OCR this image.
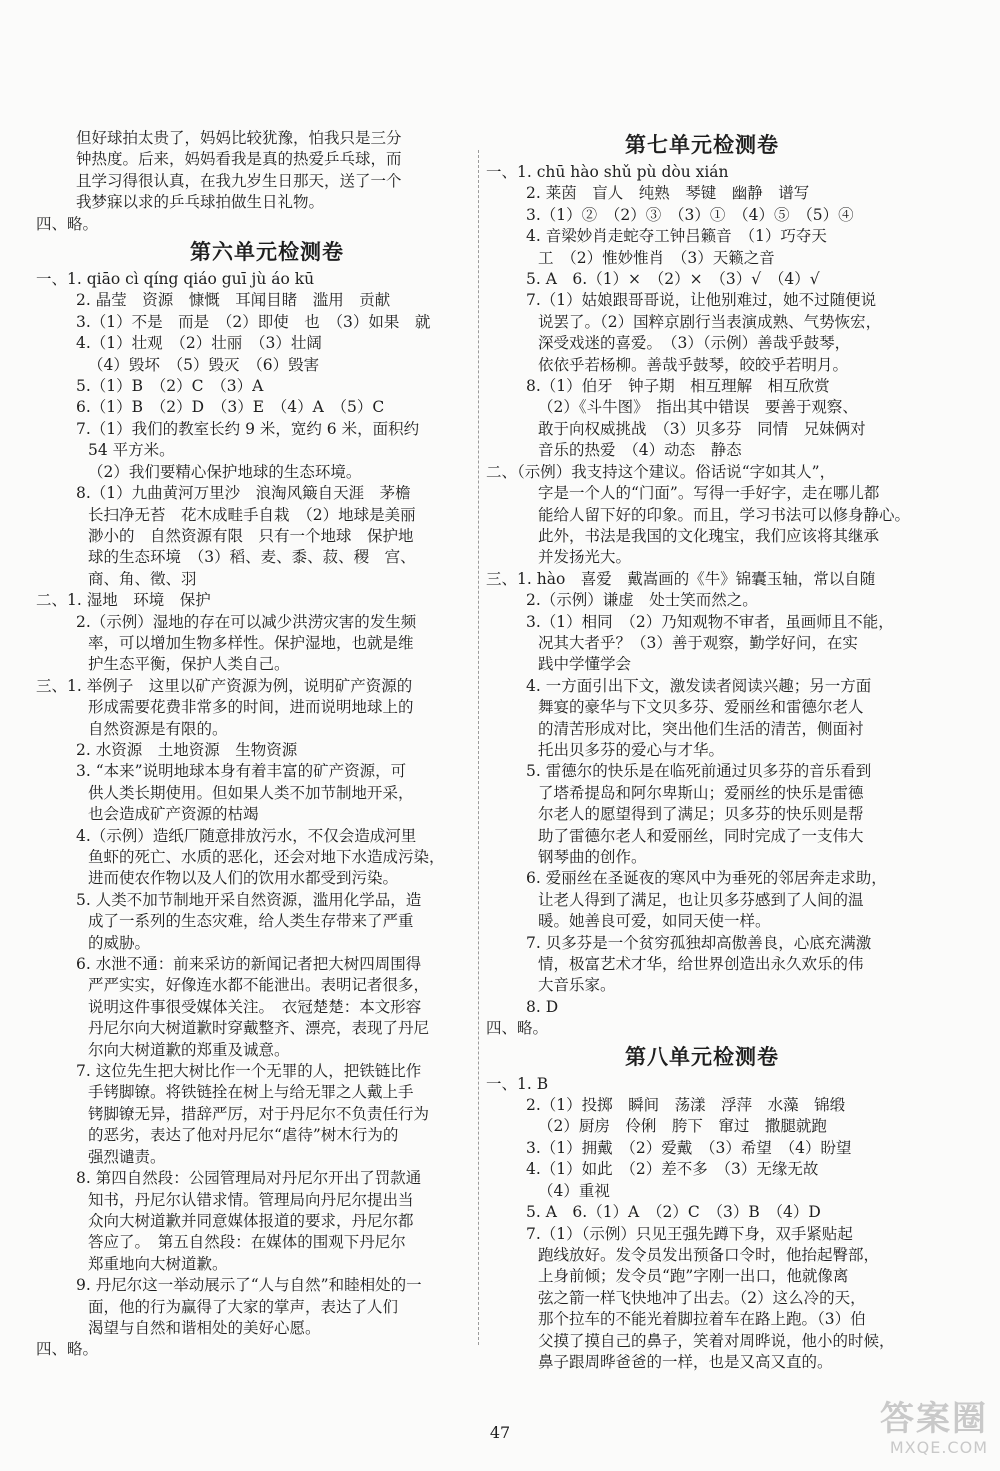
但好球拍太贵了，妈妈比较犹豫，怕我只是三分
钟热度。后来，妈妈看我是真的热爱乒乓球，而
且学习得很认真，在我九岁生日那天，送了一个
我梦寐以求的乒乓球拍做生日礼物。
四、略。
第六单元检测卷
一、1. qiāo cì qíng qiáo guī jù áo kū
2. 晶莹　资源　慷慨　耳闻目睹　滥用　贡献
3.（1）不是　而是　（2）即使　也　（3）如果　就
4.（1）壮观　（2）壮丽　（3）壮阔
（4）毁坏　（5）毁灭　（6）毁害
5.（1）B　（2）C　（3）A
6.（1）B　（2）D　（3）E　（4）A　（5）C
7.（1）我们的教室长约 9 米，宽约 6 米，面积约
54 平方米。
（2）我们要精心保护地球的生态环境。
8.（1）九曲黄河万里沙　浪淘风簸自天涯　茅檐
长扫净无苔　花木成畦手自栽　（2）地球是美丽
渺小的　自然资源有限　只有一个地球　保护地
球的生态环境　（3）稻、麦、黍、菽、稷　宫、
商、角、徵、羽
二、1. 湿地　环境　保护
2.（示例）湿地的存在可以减少洪涝灾害的发生频
率，可以增加生物多样性。保护湿地，也就是维
护生态平衡，保护人类自己。
三、1. 举例子　这里以矿产资源为例，说明矿产资源的
形成需要花费非常多的时间，进而说明地球上的
自然资源是有限的。
2. 水资源　土地资源　生物资源
3. “本来”说明地球本身有着丰富的矿产资源，可
供人类长期使用。但如果人类不加节制地开采，
也会造成矿产资源的枯竭
4.（示例）造纸厂随意排放污水，不仅会造成河里
鱼虾的死亡、水质的恶化，还会对地下水造成污染，
进而使农作物以及人们的饮用水都受到污染。
5. 人类不加节制地开采自然资源，滥用化学品，造
成了一系列的生态灾难，给人类生存带来了严重
的威胁。
6. 水泄不通：前来采访的新闻记者把大树四周围得
严严实实，好像连水都不能泄出。表明记者很多，
说明这件事很受媒体关注。　衣冠楚楚：本文形容
丹尼尔向大树道歉时穿戴整齐、漂亮，表现了丹尼
尔向大树道歉的郑重及诚意。
7. 这位先生把大树比作一个无罪的人，把铁链比作
手铐脚镣。将铁链拴在树上与给无罪之人戴上手
铐脚镣无异，措辞严厉，对于丹尼尔不负责任行为
的恶劣，表达了他对丹尼尔“虐待”树木行为的
强烈谴责。
8. 第四自然段：公园管理局对丹尼尔开出了罚款通
知书，丹尼尔认错求情。管理局向丹尼尔提出当
众向大树道歉并同意媒体报道的要求，丹尼尔都
答应了。　第五自然段：在媒体的围观下丹尼尔
郑重地向大树道歉。
9. 丹尼尔这一举动展示了“人与自然”和睦相处的一
面，他的行为赢得了大家的掌声，表达了人们
渴望与自然和谐相处的美好心愿。
四、略。
第七单元检测卷
一、1. chū hào shǔ pù dòu xián
2. 莱茵　盲人　纯熟　琴键　幽静　谱写
3.（1）②　（2）③　（3）①　（4）⑤　（5）④
4. 音梁妙肖走蛇夺工钟吕籁音　（1）巧夺天
工　（2）惟妙惟肖　（3）天籁之音
5. A　6.（1）×　（2）×　（3）√　（4）√
7.（1）姑娘跟哥哥说，让他别难过，她不过随便说
说罢了。（2）国粹京剧行当表演成熟、气势恢宏，
深受戏迷的喜爱。　（3）（示例）善哉乎鼓琴，
依依乎若杨柳。善哉乎鼓琴，皎皎乎若明月。
8.（1）伯牙　钟子期　相互理解　相互欣赏
（2）《斗牛图》　指出其中错误　要善于观察、
敢于向权威挑战　（3）贝多芬　同情　兄妹俩对
音乐的热爱　（4）动态　静态
二、（示例）我支持这个建议。俗话说“字如其人”，
字是一个人的“门面”。写得一手好字，走在哪儿都
能给人留下好的印象。而且，学习书法可以修身静心。
此外，书法是我国的文化瑰宝，我们应该将其继承
并发扬光大。
三、1. hào　喜爱　戴嵩画的《牛》锦囊玉轴，常以自随
2.（示例）谦虚　处士笑而然之。
3.（1）相同　（2）乃知观物不审者，虽画师且不能，
况其大者乎？（3）善于观察，勤学好问，在实
践中学懂学会
4. 一方面引出下文，激发读者阅读兴趣；另一方面
舞宴的豪华与下文贝多芬、爱丽丝和雷德尔老人
的清苦形成对比，突出他们生活的清苦，侧面衬
托出贝多芬的爱心与才华。
5. 雷德尔的快乐是在临死前通过贝多芬的音乐看到
了塔希提岛和阿尔卑斯山；爱丽丝的快乐是雷德
尔老人的愿望得到了满足；贝多芬的快乐则是帮
助了雷德尔老人和爱丽丝，同时完成了一支伟大
钢琴曲的创作。
6. 爱丽丝在圣诞夜的寒风中为垂死的邻居奔走求助，
让老人得到了满足，也让贝多芬感到了人间的温
暖。她善良可爱，如同天使一样。
7. 贝多芬是一个贫穷孤独却高傲善良，心底充满激
情，极富艺术才华，给世界创造出永久欢乐的伟
大音乐家。
8. D
四、略。
第八单元检测卷
一、1. B
2.（1）投掷　瞬间　荡漾　浮萍　水藻　锦缎
（2）厨房　伶俐　胯下　窜过　撒腿就跑
3.（1）拥戴　（2）爱戴　（3）希望　（4）盼望
4.（1）如此　（2）差不多　（3）无缘无故
（4）重视
5. A　6.（1）A　（2）C　（3）B　（4）D
7.（1）（示例）只见王强先蹲下身，双手紧贴起
跑线放好。发令员发出预备口令时，他抬起臀部，
上身前倾；发令员“跑”字刚一出口，他就像离
弦之箭一样飞快地冲了出去。（2）这么冷的天，
那个拉车的不能光着脚拉着车在路上跑。（3）伯
父摸了摸自己的鼻子，笑着对周晔说，他小的时候，
鼻子跟周晔爸爸的一样，也是又高又直的。
47	答案圈
MXQE.COM
